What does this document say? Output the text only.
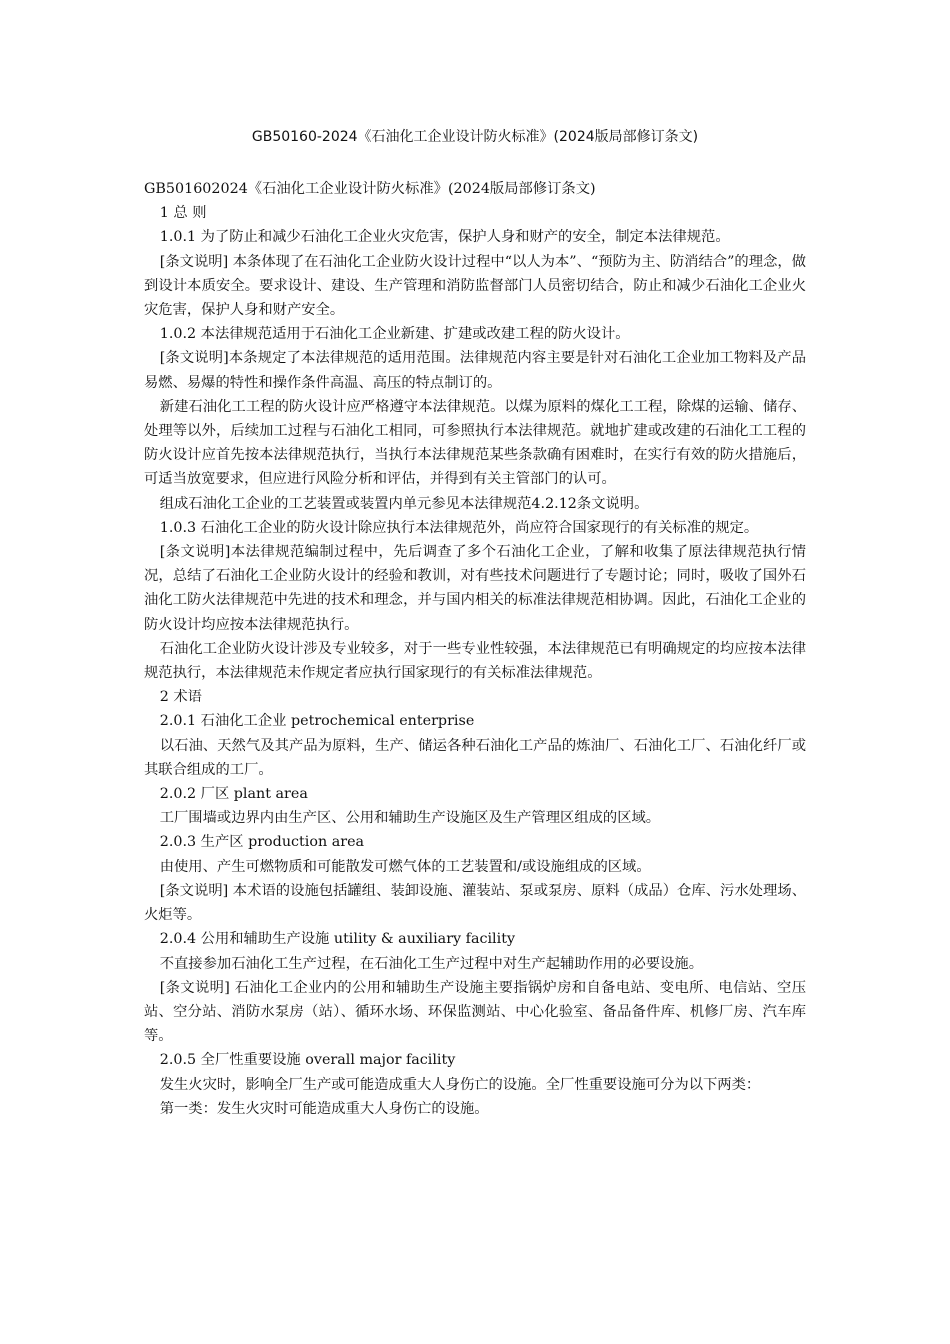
GB50160-2024《石油化工企业设计防火标准》(2024版局部修订条文)

GB501602024《石油化工企业设计防火标准》(2024版局部修订条文)

1 总 则

1.0.1 为了防止和减少石油化工企业火灾危害，保护人身和财产的安全，制定本法律规范。

[条文说明] 本条体现了在石油化工企业防火设计过程中“以人为本”、“预防为主、防消结合”的理念，做到设计本质安全。要求设计、建设、生产管理和消防监督部门人员密切结合，防止和减少石油化工企业火灾危害，保护人身和财产安全。

1.0.2 本法律规范适用于石油化工企业新建、扩建或改建工程的防火设计。

[条文说明]本条规定了本法律规范的适用范围。法律规范内容主要是针对石油化工企业加工物料及产品易燃、易爆的特性和操作条件高温、高压的特点制订的。

新建石油化工工程的防火设计应严格遵守本法律规范。以煤为原料的煤化工工程，除煤的运输、储存、处理等以外，后续加工过程与石油化工相同，可参照执行本法律规范。就地扩建或改建的石油化工工程的防火设计应首先按本法律规范执行，当执行本法律规范某些条款确有困难时，在实行有效的防火措施后，可适当放宽要求，但应进行风险分析和评估，并得到有关主管部门的认可。

组成石油化工企业的工艺装置或装置内单元参见本法律规范4.2.12条文说明。

1.0.3 石油化工企业的防火设计除应执行本法律规范外，尚应符合国家现行的有关标准的规定。

[条文说明]本法律规范编制过程中，先后调查了多个石油化工企业，了解和收集了原法律规范执行情况，总结了石油化工企业防火设计的经验和教训，对有些技术问题进行了专题讨论；同时，吸收了国外石油化工防火法律规范中先进的技术和理念，并与国内相关的标准法律规范相协调。因此，石油化工企业的防火设计均应按本法律规范执行。

石油化工企业防火设计涉及专业较多，对于一些专业性较强，本法律规范已有明确规定的均应按本法律规范执行，本法律规范未作规定者应执行国家现行的有关标准法律规范。

2 术语

2.0.1 石油化工企业 petrochemical enterprise

以石油、天然气及其产品为原料，生产、储运各种石油化工产品的炼油厂、石油化工厂、石油化纤厂或其联合组成的工厂。

2.0.2 厂区 plant area

工厂围墙或边界内由生产区、公用和辅助生产设施区及生产管理区组成的区域。

2.0.3 生产区 production area

由使用、产生可燃物质和可能散发可燃气体的工艺装置和/或设施组成的区域。

[条文说明] 本术语的设施包括罐组、装卸设施、灌装站、泵或泵房、原料（成品）仓库、污水处理场、火炬等。

2.0.4 公用和辅助生产设施 utility & auxiliary facility

不直接参加石油化工生产过程，在石油化工生产过程中对生产起辅助作用的必要设施。

[条文说明] 石油化工企业内的公用和辅助生产设施主要指锅炉房和自备电站、变电所、电信站、空压站、空分站、消防水泵房（站）、循环水场、环保监测站、中心化验室、备品备件库、机修厂房、汽车库等。

2.0.5 全厂性重要设施 overall major facility

发生火灾时，影响全厂生产或可能造成重大人身伤亡的设施。全厂性重要设施可分为以下两类：

第一类：发生火灾时可能造成重大人身伤亡的设施。
